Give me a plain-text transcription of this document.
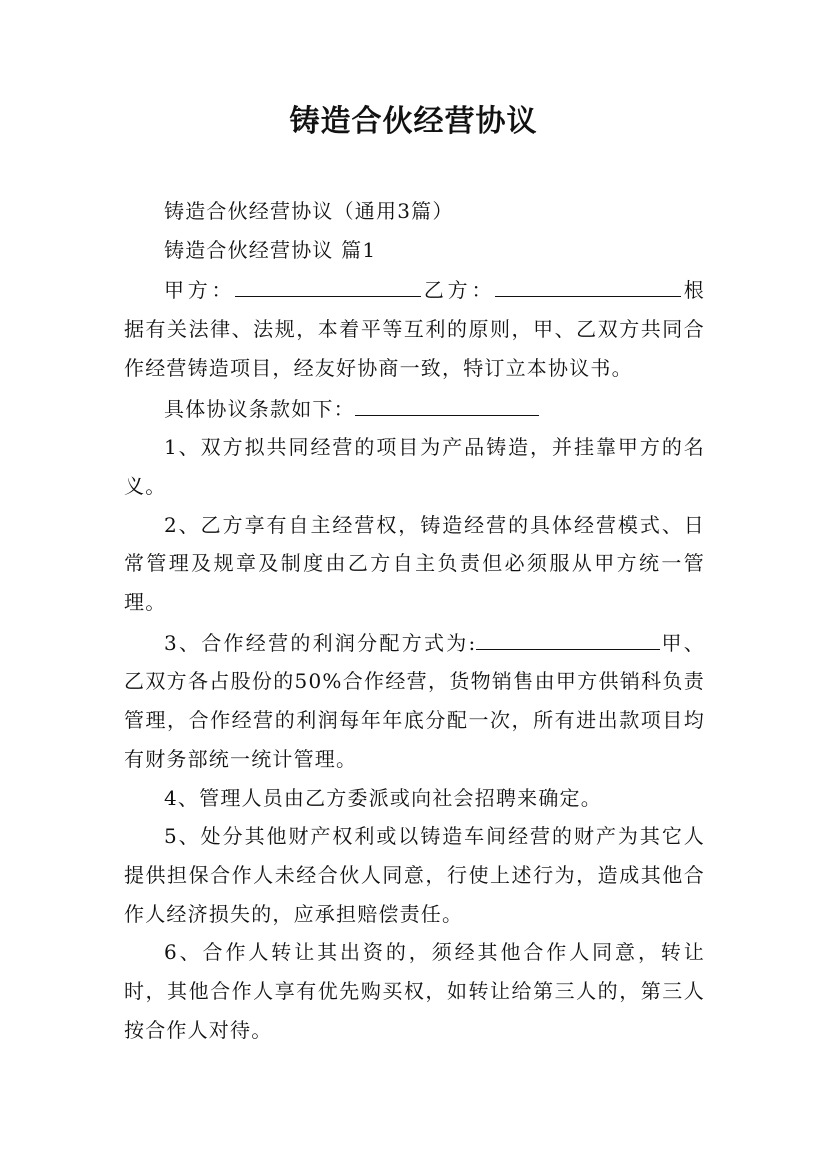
铸造合伙经营协议

铸造合伙经营协议（通用3篇）

铸造合伙经营协议 篇1

甲方：	乙方：	根据有关法律、法规，本着平等互利的原则，甲、乙双方共同合作经营铸造项目，经友好协商一致，特订立本协议书。

具体协议条款如下：

1、双方拟共同经营的项目为产品铸造，并挂靠甲方的名义。

2、乙方享有自主经营权，铸造经营的具体经营模式、日常管理及规章及制度由乙方自主负责但必须服从甲方统一管理。

3、合作经营的利润分配方式为:	甲、乙双方各占股份的50%合作经营，货物销售由甲方供销科负责管理，合作经营的利润每年年底分配一次，所有进出款项目均有财务部统一统计管理。

4、管理人员由乙方委派或向社会招聘来确定。

5、处分其他财产权利或以铸造车间经营的财产为其它人提供担保合作人未经合伙人同意，行使上述行为，造成其他合作人经济损失的，应承担赔偿责任。

6、合作人转让其出资的，须经其他合作人同意，转让时，其他合作人享有优先购买权，如转让给第三人的，第三人按合作人对待。
